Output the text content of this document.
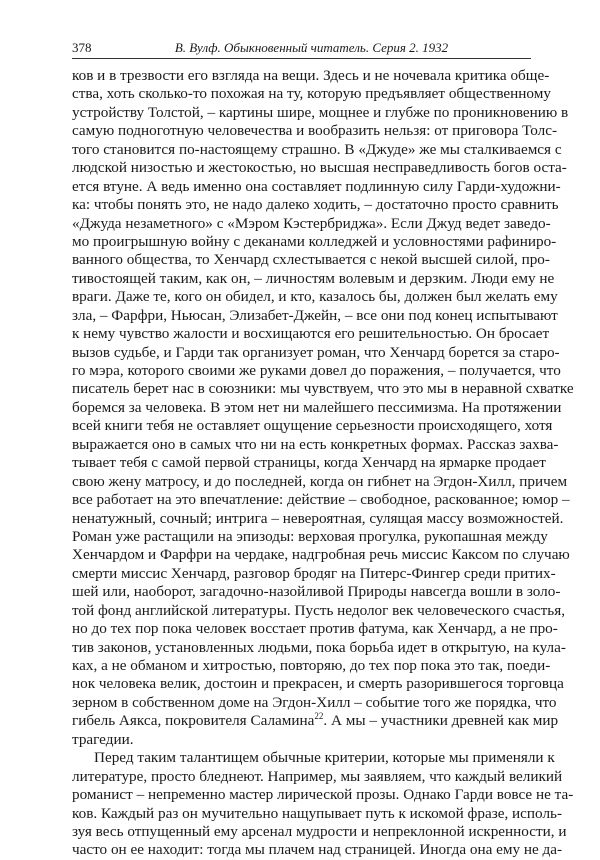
378	В. Вулф. Обыкновенный читатель. Серия 2. 1932
ков и в трезвости его взгляда на вещи. Здесь и не ночевала критика обще-
ства, хоть сколько-то похожая на ту, которую предъявляет общественному
устройству Толстой, – картины шире, мощнее и глубже по проникновению в
самую подноготную человечества и вообразить нельзя: от приговора Толс-
того становится по-настоящему страшно. В «Джуде» же мы сталкиваемся с
людской низостью и жестокостью, но высшая несправедливость богов оста-
ется втуне. А ведь именно она составляет подлинную силу Гарди-художни-
ка: чтобы понять это, не надо далеко ходить, – достаточно просто сравнить
«Джуда незаметного» с «Мэром Кэстербриджа». Если Джуд ведет заведо-
мо проигрышную войну с деканами колледжей и условностями рафиниро-
ванного общества, то Хенчард схлестывается с некой высшей силой, про-
тивостоящей таким, как он, – личностям волевым и дерзким. Люди ему не
враги. Даже те, кого он обидел, и кто, казалось бы, должен был желать ему
зла, – Фарфри, Ньюсан, Элизабет-Джейн, – все они под конец испытывают
к нему чувство жалости и восхищаются его решительностью. Он бросает
вызов судьбе, и Гарди так организует роман, что Хенчард борется за старо-
го мэра, которого своими же руками довел до поражения, – получается, что
писатель берет нас в союзники: мы чувствуем, что это мы в неравной схватке
боремся за человека. В этом нет ни малейшего пессимизма. На протяжении
всей книги тебя не оставляет ощущение серьезности происходящего, хотя
выражается оно в самых что ни на есть конкретных формах. Рассказ захва-
тывает тебя с самой первой страницы, когда Хенчард на ярмарке продает
свою жену матросу, и до последней, когда он гибнет на Эгдон-Хилл, причем
все работает на это впечатление: действие – свободное, раскованное; юмор –
ненатужный, сочный; интрига – невероятная, сулящая массу возможностей.
Роман уже растащили на эпизоды: верховая прогулка, рукопашная между
Хенчардом и Фарфри на чердаке, надгробная речь миссис Каксом по случаю
смерти миссис Хенчард, разговор бродяг на Питерс-Фингер среди притих-
шей или, наоборот, загадочно-назойливой Природы навсегда вошли в золо-
той фонд английской литературы. Пусть недолог век человеческого счастья,
но до тех пор пока человек восстает против фатума, как Хенчард, а не про-
тив законов, установленных людьми, пока борьба идет в открытую, на кула-
ках, а не обманом и хитростью, повторяю, до тех пор пока это так, поеди-
нок человека велик, достоин и прекрасен, и смерть разорившегося торговца
зерном в собственном доме на Эгдон-Хилл – событие того же порядка, что
гибель Аякса, покровителя Саламина$^{22}$. А мы – участники древней как мир
трагедии.
Перед таким талантищем обычные критерии, которые мы применяли к
литературе, просто бледнеют. Например, мы заявляем, что каждый великий
романист – непременно мастер лирической прозы. Однако Гарди вовсе не та-
ков. Каждый раз он мучительно нащупывает путь к искомой фразе, исполь-
зуя весь отпущенный ему арсенал мудрости и непреклонной искренности, и
часто он ее находит: тогда мы плачем над страницей. Иногда она ему не да-
